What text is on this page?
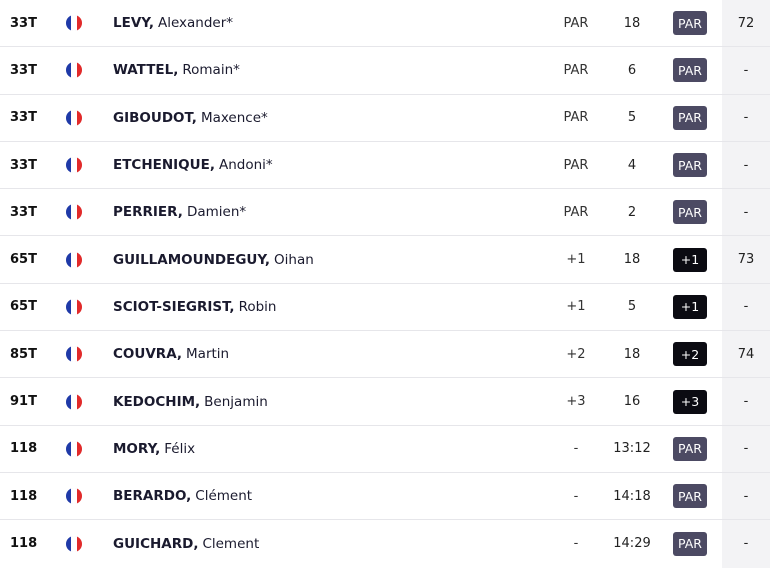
33T	LEVY, Alexander*	PAR	18	PAR	72
33T	WATTEL, Romain*	PAR	6	PAR	-
33T	GIBOUDOT, Maxence*	PAR	5	PAR	-
33T	ETCHENIQUE, Andoni*	PAR	4	PAR	-
33T	PERRIER, Damien*	PAR	2	PAR	-
65T	GUILLAMOUNDEGUY, Oihan	+1	18	+1	73
65T	SCIOT-SIEGRIST, Robin	+1	5	+1	-
85T	COUVRA, Martin	+2	18	+2	74
91T	KEDOCHIM, Benjamin	+3	16	+3	-
118	MORY, Félix	-	13:12	PAR	-
118	BERARDO, Clément	-	14:18	PAR	-
118	GUICHARD, Clement	-	14:29	PAR	-
